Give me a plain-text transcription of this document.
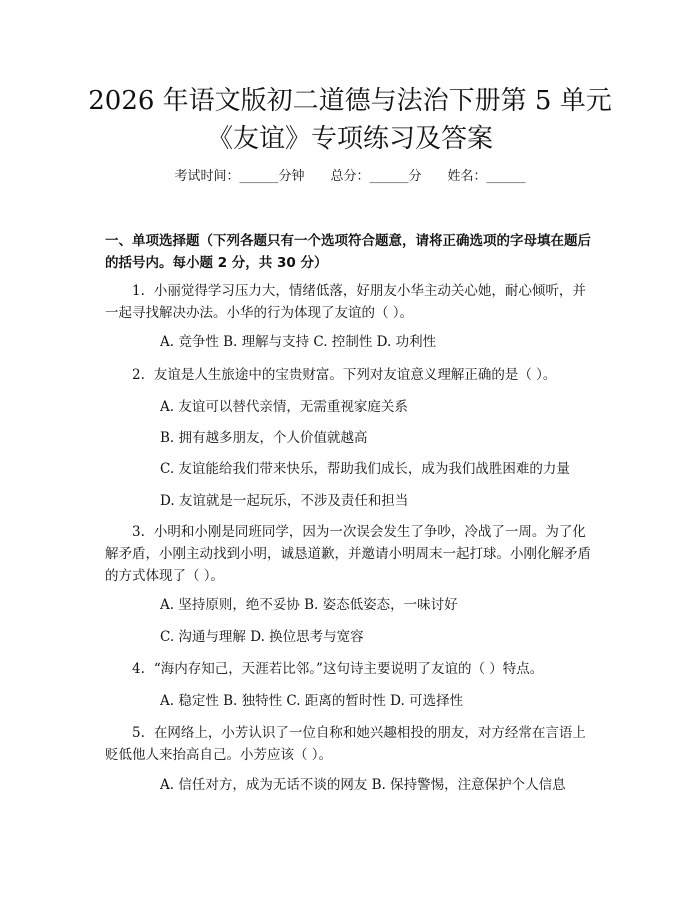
2026 年语文版初二道德与法治下册第 5 单元
《友谊》专项练习及答案
考试时间：______分钟 总分：______分 姓名：______
一、单项选择题（下列各题只有一个选项符合题意，请将正确选项的字母填在题后的括号内。每小题 2 分，共 30 分）
1. 小丽觉得学习压力大，情绪低落，好朋友小华主动关心她，耐心倾听，并一起寻找解决办法。小华的行为体现了友谊的（ ）。
A. 竞争性 B. 理解与支持 C. 控制性 D. 功利性
2. 友谊是人生旅途中的宝贵财富。下列对友谊意义理解正确的是（ ）。
A. 友谊可以替代亲情，无需重视家庭关系
B. 拥有越多朋友，个人价值就越高
C. 友谊能给我们带来快乐，帮助我们成长，成为我们战胜困难的力量
D. 友谊就是一起玩乐，不涉及责任和担当
3. 小明和小刚是同班同学，因为一次误会发生了争吵，冷战了一周。为了化解矛盾，小刚主动找到小明，诚恳道歉，并邀请小明周末一起打球。小刚化解矛盾的方式体现了（ ）。
A. 坚持原则，绝不妥协 B. 姿态低姿态，一味讨好
C. 沟通与理解 D. 换位思考与宽容
4. “海内存知己，天涯若比邻。”这句诗主要说明了友谊的（ ）特点。
A. 稳定性 B. 独特性 C. 距离的暂时性 D. 可选择性
5. 在网络上，小芳认识了一位自称和她兴趣相投的朋友，对方经常在言语上贬低他人来抬高自己。小芳应该（ ）。
A. 信任对方，成为无话不谈的网友 B. 保持警惕，注意保护个人信息
